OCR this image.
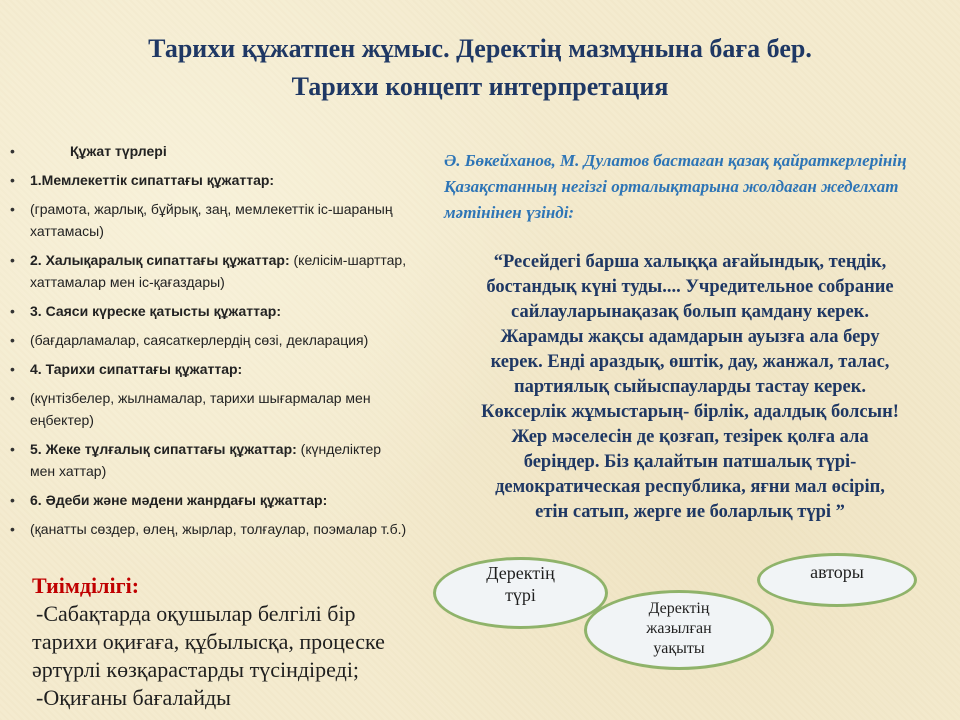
Тарихи құжатпен жұмыс. Деректің мазмұнына баға бер.
Тарихи концепт интерпретация
•	Құжат түрлері
• 1.Мемлекеттік сипаттағы құжаттар:
• (грамота, жарлық, бұйрық, заң, мемлекеттік іс-шараның хаттамасы)
• 2. Халықаралық сипаттағы құжаттар: (келісім-шарттар, хаттамалар мен іс-қағаздары)
• 3. Саяси күреске қатысты құжаттар:
• (бағдарламалар, саясаткерлердің сөзі, декларация)
• 4. Тарихи сипаттағы құжаттар:
• (күнтізбелер, жылнамалар, тарихи шығармалар мен еңбектер)
• 5. Жеке тұлғалық сипаттағы құжаттар: (күнделіктер мен хаттар)
• 6. Әдеби және мәдени жанрдағы құжаттар:
• (қанатты сөздер, өлең, жырлар, толғаулар, поэмалар т.б.)
Тиімділігі:
-Сабақтарда оқушылар белгілі бір
тарихи оқиғаға, құбылысқа, процеске
әртүрлі көзқарастарды түсіндіреді;
-Оқиғаны бағалайды
Ә. Бөкейханов, М. Дулатов бастаған қазақ қайраткерлерінің Қазақстанның негізгі орталықтарына жолдаған жеделхат мәтінінен үзінді:
“Ресейдегі барша халыққа ағайындық, теңдік,
бостандық күні туды.... Учредительное собрание
сайлауларынақазақ болып қамдану керек.
Жарамды жақсы адамдарын ауызға ала беру
керек. Енді араздық, өштік, дау, жанжал, талас,
партиялық сыйыспауларды тастау керек.
Көксерлік жұмыстарың- бірлік, адалдық болсын!
Жер мәселесін де қозғап, тезірек қолға ала
беріңдер. Біз қалайтын патшалық түрі-
демократическая республика, яғни мал өсіріп,
етін сатып, жерге ие боларлық түрі ”
Деректің
түрі
авторы
Деректің
жазылған
уақыты
